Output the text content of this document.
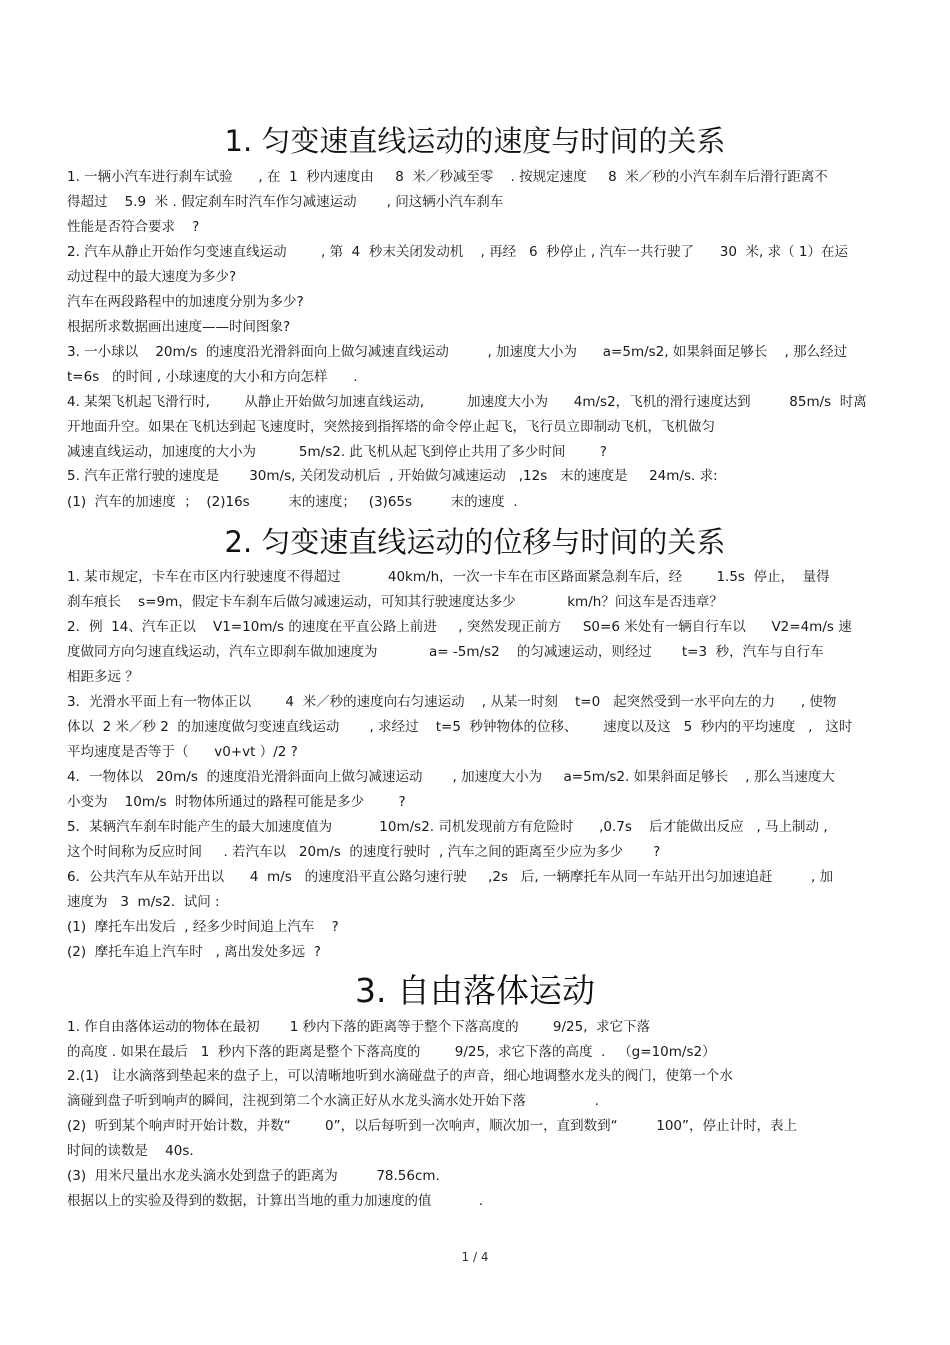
1. 匀变速直线运动的速度与时间的关系
1. 一辆小汽车进行刹车试验      , 在  1  秒内速度由     8  米／秒减至零    . 按规定速度     8  米／秒的小汽车刹车后滑行距离不
得超过    5.9  米 . 假定刹车时汽车作匀减速运动       , 问这辆小汽车刹车
性能是否符合要求    ?
2. 汽车从静止开始作匀变速直线运动        , 第  4  秒末关闭发动机    , 再经   6  秒停止 , 汽车一共行驶了      30  米, 求（ 1）在运
动过程中的最大速度为多少?
汽车在两段路程中的加速度分别为多少?
根据所求数据画出速度——时间图象?
3. 一小球以    20m/s  的速度沿光滑斜面向上做匀减速直线运动         , 加速度大小为      a=5m/s2, 如果斜面足够长    , 那么经过
t=6s   的时间 , 小球速度的大小和方向怎样      .
4. 某架飞机起飞滑行时,        从静止开始做匀加速直线运动,          加速度大小为      4m/s2，飞机的滑行速度达到         85m/s  时离
开地面升空。如果在飞机达到起飞速度时，突然接到指挥塔的命令停止起飞，飞行员立即制动飞机，飞机做匀
减速直线运动，加速度的大小为          5m/s2. 此飞机从起飞到停止共用了多少时间        ?
5. 汽车正常行驶的速度是       30m/s, 关闭发动机后  , 开始做匀减速运动   ,12s   末的速度是     24m/s. 求:
(1)  汽车的加速度  ；  (2)16s         末的速度；   (3)65s         末的速度  .
2. 匀变速直线运动的位移与时间的关系
1. 某市规定，卡车在市区内行驶速度不得超过           40km/h，一次一卡车在市区路面紧急刹车后，经        1.5s  停止，  量得
刹车痕长    s=9m，假定卡车刹车后做匀减速运动，可知其行驶速度达多少            km/h？问这车是否违章？
2．例  14、汽车正以    V1=10m/s 的速度在平直公路上前进     , 突然发现正前方     S0=6 米处有一辆自行车以      V2=4m/s 速
度做同方向匀速直线运动，汽车立即刹车做加速度为            a= -5m/s2    的匀减速运动，则经过       t=3  秒，汽车与自行车
相距多远 ？
3．光滑水平面上有一物体正以        4  米／秒的速度向右匀速运动    , 从某一时刻    t=0   起突然受到一水平向左的力      , 使物
体以  2 米／秒 2  的加速度做匀变速直线运动       , 求经过    t=5  秒钟物体的位移、      速度以及这   5  秒内的平均速度   ,   这时
平均速度是否等于（      v0+vt ）/2 ?
4．一物体以   20m/s  的速度沿光滑斜面向上做匀减速运动       , 加速度大小为     a=5m/s2. 如果斜面足够长    , 那么当速度大
小变为    10m/s  时物体所通过的路程可能是多少        ?
5．某辆汽车刹车时能产生的最大加速度值为           10m/s2. 司机发现前方有危险时      ,0.7s    后才能做出反应   , 马上制动 ,
这个时间称为反应时间     . 若汽车以   20m/s  的速度行驶时  , 汽车之间的距离至少应为多少       ?
6．公共汽车从车站开出以      4  m/s   的速度沿平直公路匀速行驶     ,2s   后, 一辆摩托车从同一车站开出匀加速追赶         , 加
速度为   3  m/s2.  试问 :
(1)  摩托车出发后  , 经多少时间追上汽车    ?
(2)  摩托车追上汽车时   , 离出发处多远  ?
3. 自由落体运动
1. 作自由落体运动的物体在最初       1 秒内下落的距离等于整个下落高度的        9/25,  求它下落
的高度 . 如果在最后   1  秒内下落的距离是整个下落高度的        9/25,  求它下落的高度  .   （g=10m/s2）
2.(1)   让水滴落到垫起来的盘子上，可以清晰地听到水滴碰盘子的声音，细心地调整水龙头的阀门，使第一个水
滴碰到盘子听到响声的瞬间，注视到第二个水滴正好从水龙头滴水处开始下落                .
(2)  听到某个响声时开始计数，并数“        0”，以后每听到一次响声，顺次加一，直到数到“         100”，停止计时，表上
时间的读数是    40s.
(3)  用米尺量出水龙头滴水处到盘子的距离为         78.56cm.
根据以上的实验及得到的数据，计算出当地的重力加速度的值           .
1 / 4
